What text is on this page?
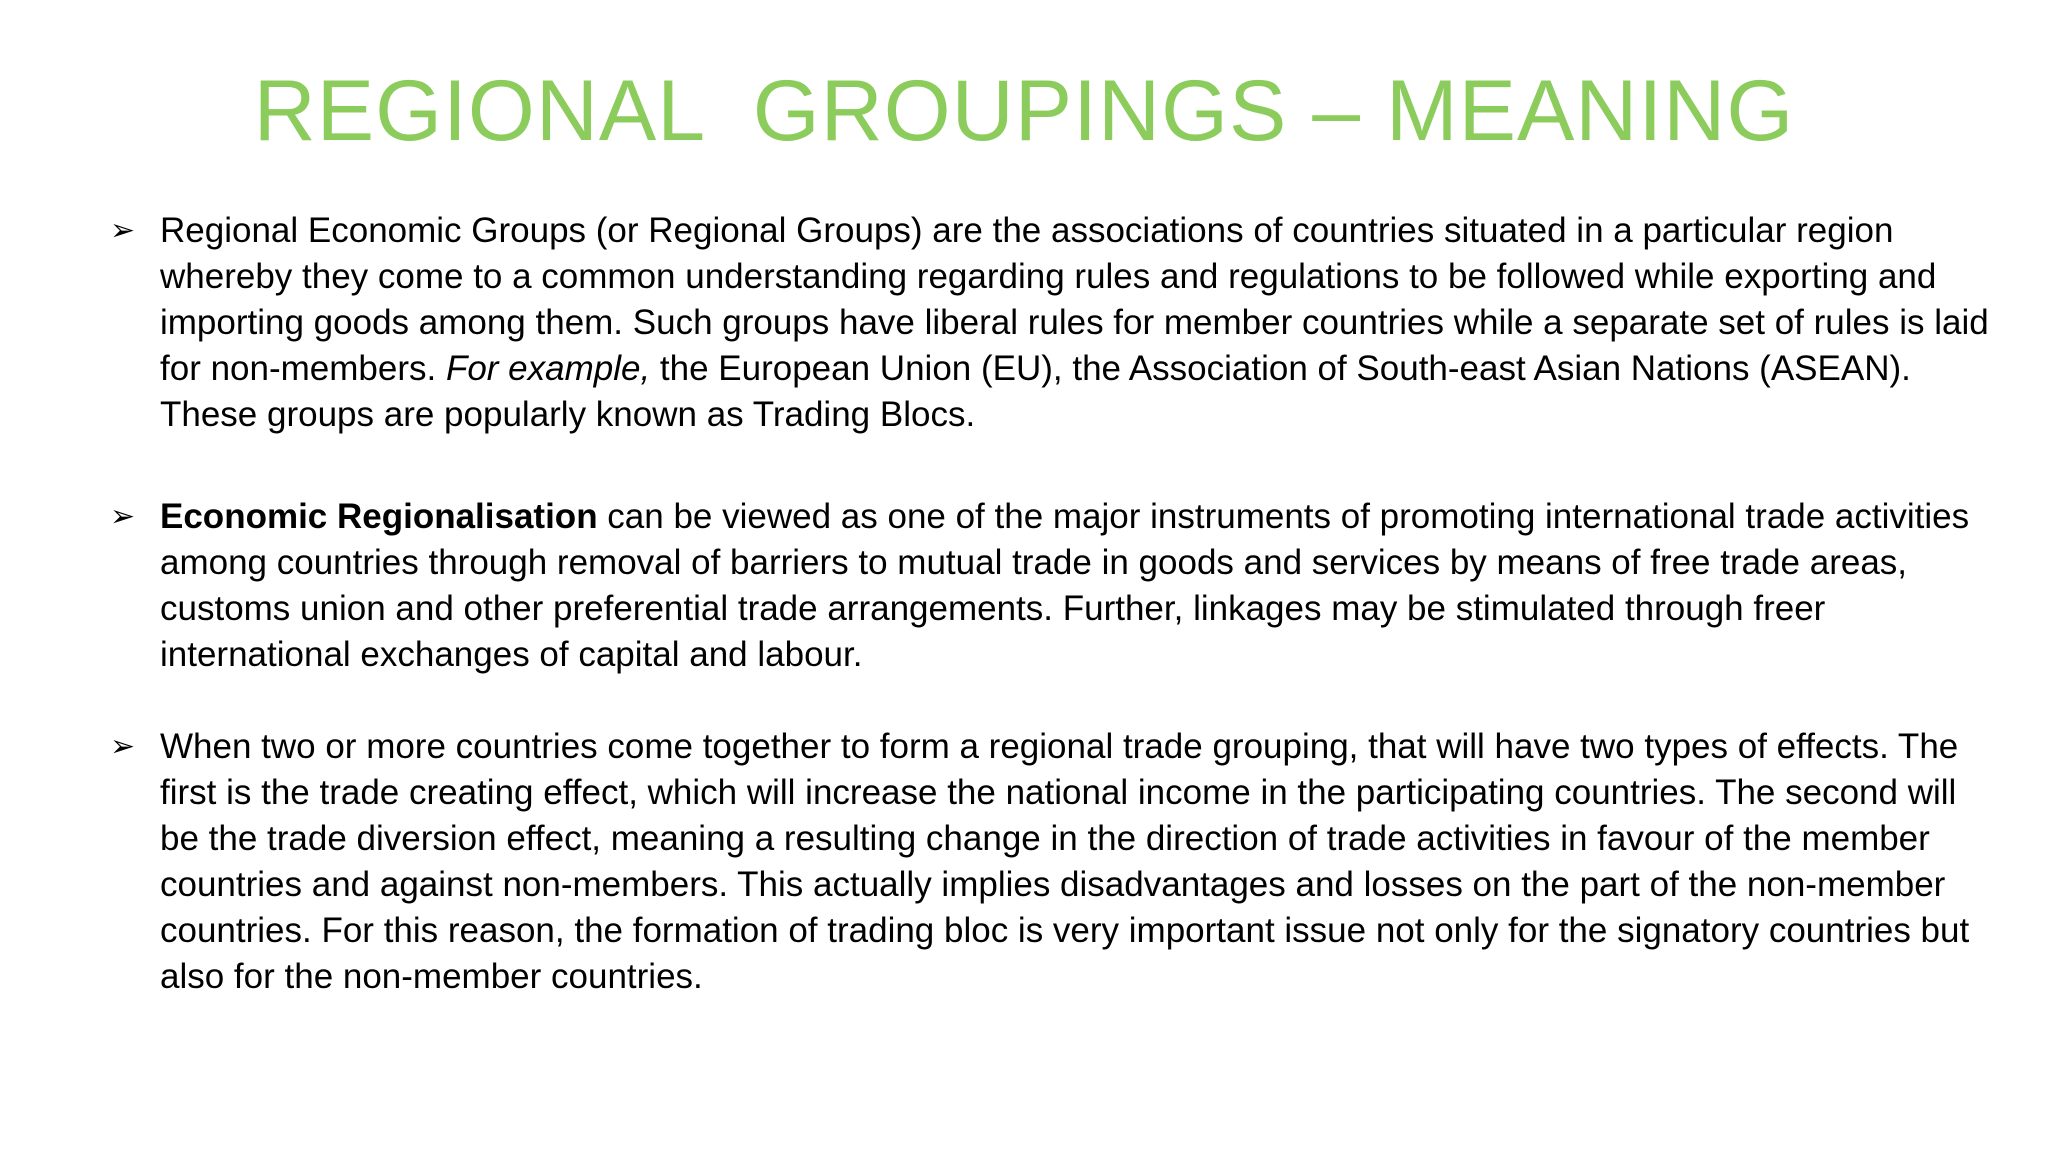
REGIONAL  GROUPINGS – MEANING
➢ Regional Economic Groups (or Regional Groups) are the associations of countries situated in a particular region whereby they come to a common understanding regarding rules and regulations to be followed while exporting and importing goods among them. Such groups have liberal rules for member countries while a separate set of rules is laid for non-members. For example, the European Union (EU), the Association of South-east Asian Nations (ASEAN). These groups are popularly known as Trading Blocs.
➢ Economic Regionalisation can be viewed as one of the major instruments of promoting international trade activities among countries through removal of barriers to mutual trade in goods and services by means of free trade areas, customs union and other preferential trade arrangements. Further, linkages may be stimulated through freer international exchanges of capital and labour.
➢ When two or more countries come together to form a regional trade grouping, that will have two types of effects. The first is the trade creating effect, which will increase the national income in the participating countries. The second will be the trade diversion effect, meaning a resulting change in the direction of trade activities in favour of the member countries and against non-members. This actually implies disadvantages and losses on the part of the non-member countries. For this reason, the formation of trading bloc is very important issue not only for the signatory countries but also for the non-member countries.
